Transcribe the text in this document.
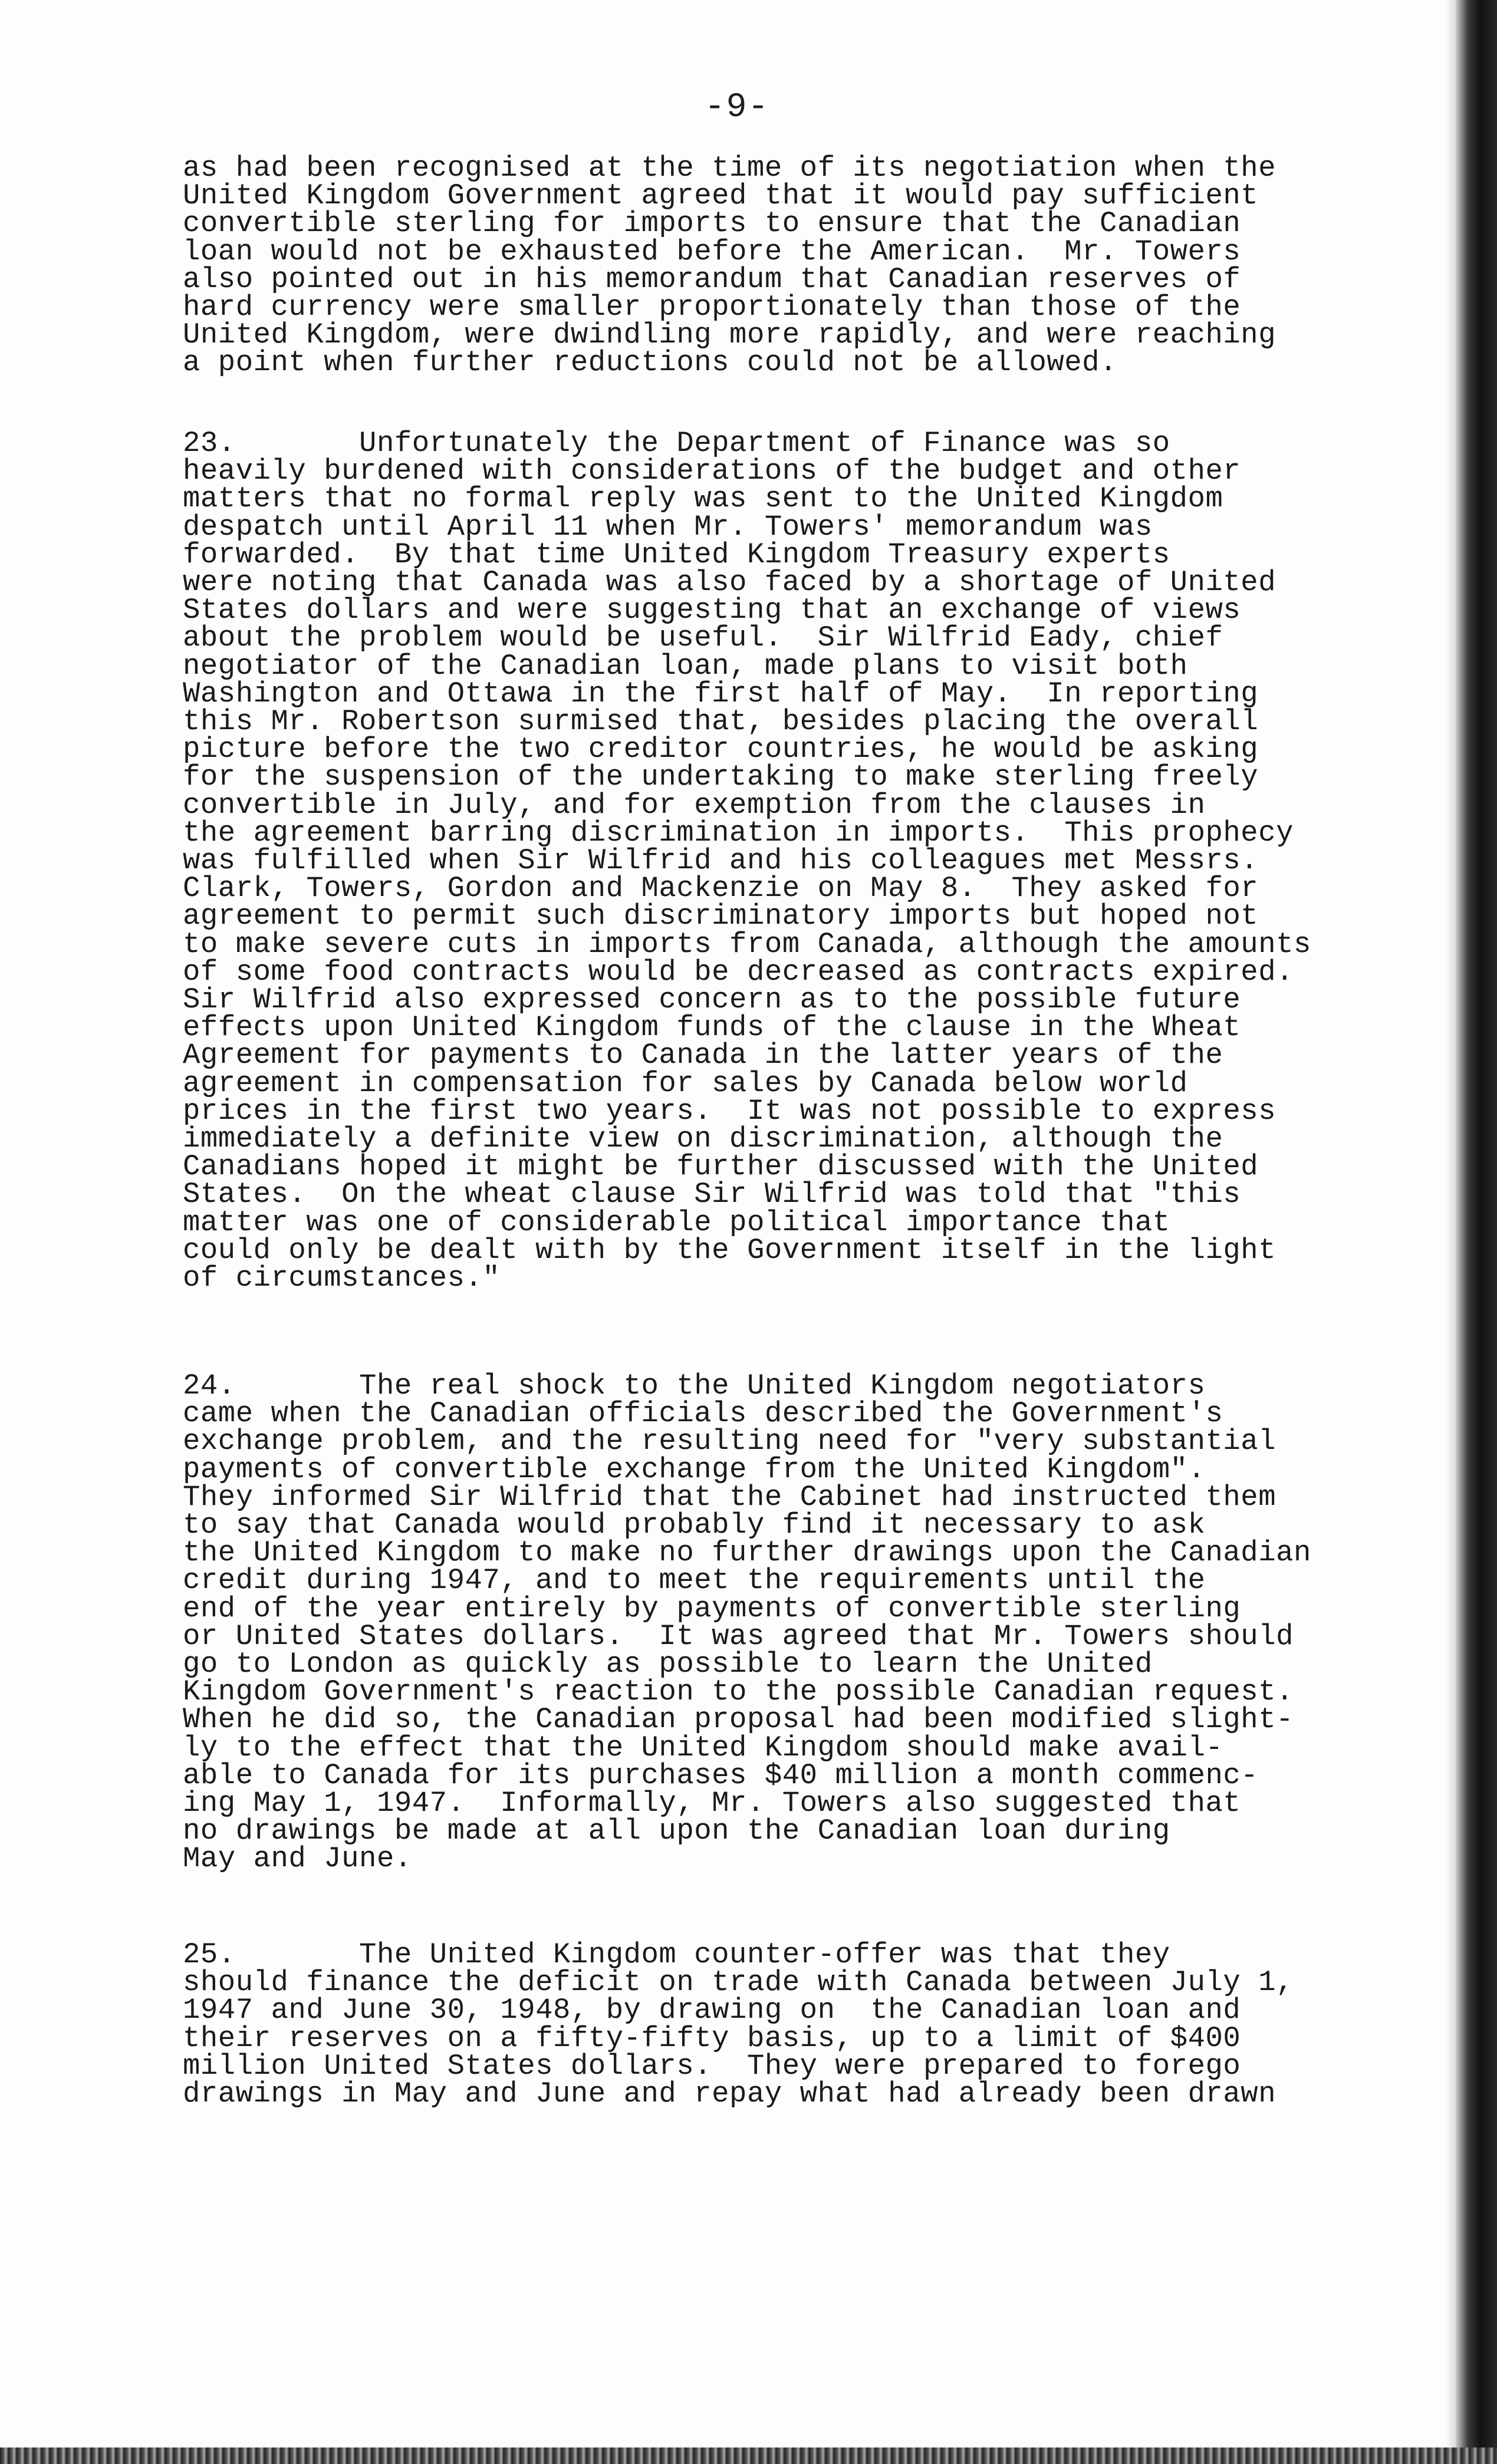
-9-
as had been recognised at the time of its negotiation when the
United Kingdom Government agreed that it would pay sufficient
convertible sterling for imports to ensure that the Canadian
loan would not be exhausted before the American.  Mr. Towers
also pointed out in his memorandum that Canadian reserves of
hard currency were smaller proportionately than those of the
United Kingdom, were dwindling more rapidly, and were reaching
a point when further reductions could not be allowed.
23.       Unfortunately the Department of Finance was so
heavily burdened with considerations of the budget and other
matters that no formal reply was sent to the United Kingdom
despatch until April 11 when Mr. Towers' memorandum was
forwarded.  By that time United Kingdom Treasury experts
were noting that Canada was also faced by a shortage of United
States dollars and were suggesting that an exchange of views
about the problem would be useful.  Sir Wilfrid Eady, chief
negotiator of the Canadian loan, made plans to visit both
Washington and Ottawa in the first half of May.  In reporting
this Mr. Robertson surmised that, besides placing the overall
picture before the two creditor countries, he would be asking
for the suspension of the undertaking to make sterling freely
convertible in July, and for exemption from the clauses in
the agreement barring discrimination in imports.  This prophecy
was fulfilled when Sir Wilfrid and his colleagues met Messrs.
Clark, Towers, Gordon and Mackenzie on May 8.  They asked for
agreement to permit such discriminatory imports but hoped not
to make severe cuts in imports from Canada, although the amounts
of some food contracts would be decreased as contracts expired.
Sir Wilfrid also expressed concern as to the possible future
effects upon United Kingdom funds of the clause in the Wheat
Agreement for payments to Canada in the latter years of the
agreement in compensation for sales by Canada below world
prices in the first two years.  It was not possible to express
immediately a definite view on discrimination, although the
Canadians hoped it might be further discussed with the United
States.  On the wheat clause Sir Wilfrid was told that "this
matter was one of considerable political importance that
could only be dealt with by the Government itself in the light
of circumstances."
24.       The real shock to the United Kingdom negotiators
came when the Canadian officials described the Government's
exchange problem, and the resulting need for "very substantial
payments of convertible exchange from the United Kingdom".
They informed Sir Wilfrid that the Cabinet had instructed them
to say that Canada would probably find it necessary to ask
the United Kingdom to make no further drawings upon the Canadian
credit during 1947, and to meet the requirements until the
end of the year entirely by payments of convertible sterling
or United States dollars.  It was agreed that Mr. Towers should
go to London as quickly as possible to learn the United
Kingdom Government's reaction to the possible Canadian request.
When he did so, the Canadian proposal had been modified slight-
ly to the effect that the United Kingdom should make avail-
able to Canada for its purchases $40 million a month commenc-
ing May 1, 1947.  Informally, Mr. Towers also suggested that
no drawings be made at all upon the Canadian loan during
May and June.
25.       The United Kingdom counter-offer was that they
should finance the deficit on trade with Canada between July 1,
1947 and June 30, 1948, by drawing on  the Canadian loan and
their reserves on a fifty-fifty basis, up to a limit of $400
million United States dollars.  They were prepared to forego
drawings in May and June and repay what had already been drawn
